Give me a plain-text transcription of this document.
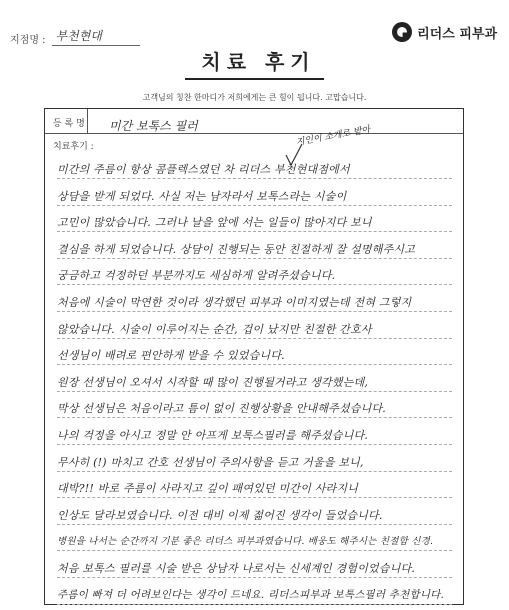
지점명 : 부천현대	리더스 피부과
치료 후기
고객님의 칭찬 한마디가 저희에게는 큰 힘이 됩니다. 고맙습니다.
등 록 명 미간 보톡스 필러
치료후기 :	지인이 소개로 받아
미간의 주름이 항상 콤플렉스였던 차 리더스 부천현대점에서
상담을 받게 되었다. 사실 저는 남자라서 보톡스라는 시술이
고민이 많았습니다. 그러나 날을 앞에 서는 일들이 많아지다 보니
결심을 하게 되었습니다. 상담이 진행되는 동안 친절하게 잘 설명해주시고
궁금하고 걱정하던 부분까지도 세심하게 알려주셨습니다.
처음에 시술이 막연한 것이라 생각했던 피부과 이미지였는데 전혀 그렇지
않았습니다. 시술이 이루어지는 순간, 겁이 났지만 친절한 간호사
선생님이 배려로 편안하게 받을 수 있었습니다.
원장 선생님이 오셔서 시작할 때 많이 진행될거라고 생각했는데,
막상 선생님은 처음이라고 틈이 없이 진행상황을 안내해주셨습니다.
나의 걱정을 아시고 정말 안 아프게 보톡스필러를 해주셨습니다.
무사히 (!) 마치고 간호 선생님이 주의사항을 듣고 거울을 보니,
대박?!! 바로 주름이 사라지고 깊이 패여있던 미간이 사라지니
인상도 달라보였습니다. 이전 대비 이제 젊어진 생각이 들었습니다.
병원을 나서는 순간까지 기분 좋은 리더스 피부과였습니다. 배웅도 해주시는 친절함 신경.
처음 보톡스 필러를 시술 받은 상남자 나로서는 신세계인 경험이었습니다.
주름이 빠져 더 어려보인다는 생각이 드네요. 리더스피부과 보톡스필러 추천합니다.
